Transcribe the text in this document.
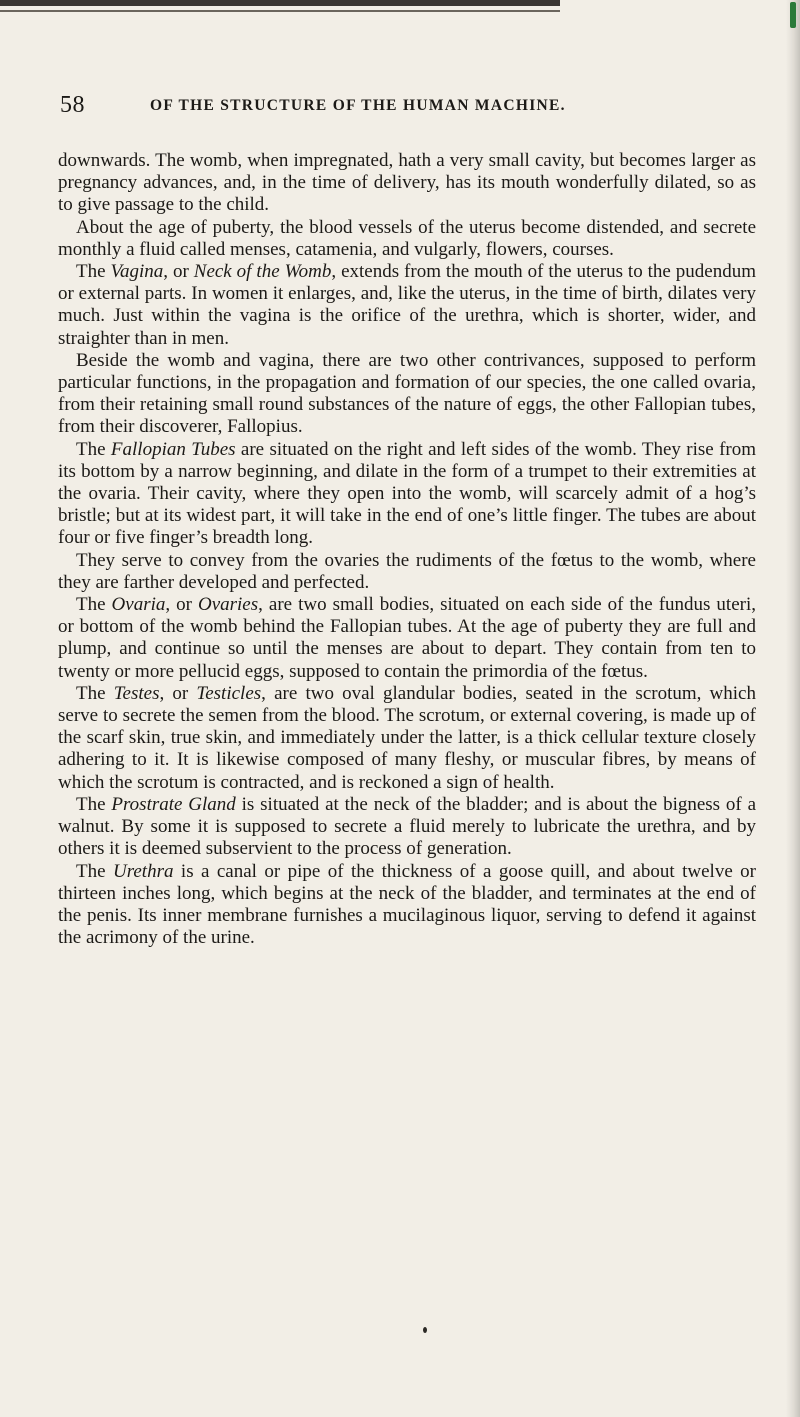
58	OF THE STRUCTURE OF THE HUMAN MACHINE.

downwards. The womb, when impregnated, hath a very small cavity, but becomes larger as pregnancy advances, and, in the time of delivery, has its mouth wonderfully dilated, so as to give passage to the child.

About the age of puberty, the blood vessels of the uterus become distended, and secrete monthly a fluid called menses, catamenia, and vulgarly, flowers, courses.

The Vagina, or Neck of the Womb, extends from the mouth of the uterus to the pudendum or external parts. In women it enlarges, and, like the uterus, in the time of birth, dilates very much. Just within the vagina is the orifice of the urethra, which is shorter, wider, and straighter than in men.

Beside the womb and vagina, there are two other contrivances, supposed to perform particular functions, in the propagation and formation of our species, the one called ovaria, from their retaining small round substances of the nature of eggs, the other Fallopian tubes, from their discoverer, Fallopius.

The Fallopian Tubes are situated on the right and left sides of the womb. They rise from its bottom by a narrow beginning, and dilate in the form of a trumpet to their extremities at the ovaria. Their cavity, where they open into the womb, will scarcely admit of a hog’s bristle; but at its widest part, it will take in the end of one’s little finger. The tubes are about four or five finger’s breadth long.

They serve to convey from the ovaries the rudiments of the fœtus to the womb, where they are farther developed and perfected.

The Ovaria, or Ovaries, are two small bodies, situated on each side of the fundus uteri, or bottom of the womb behind the Fallopian tubes. At the age of puberty they are full and plump, and continue so until the menses are about to depart. They contain from ten to twenty or more pellucid eggs, supposed to contain the primordia of the fœtus.

The Testes, or Testicles, are two oval glandular bodies, seated in the scrotum, which serve to secrete the semen from the blood. The scrotum, or external covering, is made up of the scarf skin, true skin, and immediately under the latter, is a thick cellular texture closely adhering to it. It is likewise composed of many fleshy, or muscular fibres, by means of which the scrotum is contracted, and is reckoned a sign of health.

The Prostrate Gland is situated at the neck of the bladder; and is about the bigness of a walnut. By some it is supposed to secrete a fluid merely to lubricate the urethra, and by others it is deemed subservient to the process of generation.

The Urethra is a canal or pipe of the thickness of a goose quill, and about twelve or thirteen inches long, which begins at the neck of the bladder, and terminates at the end of the penis. Its inner membrane furnishes a mucilaginous liquor, serving to defend it against the acrimony of the urine.
